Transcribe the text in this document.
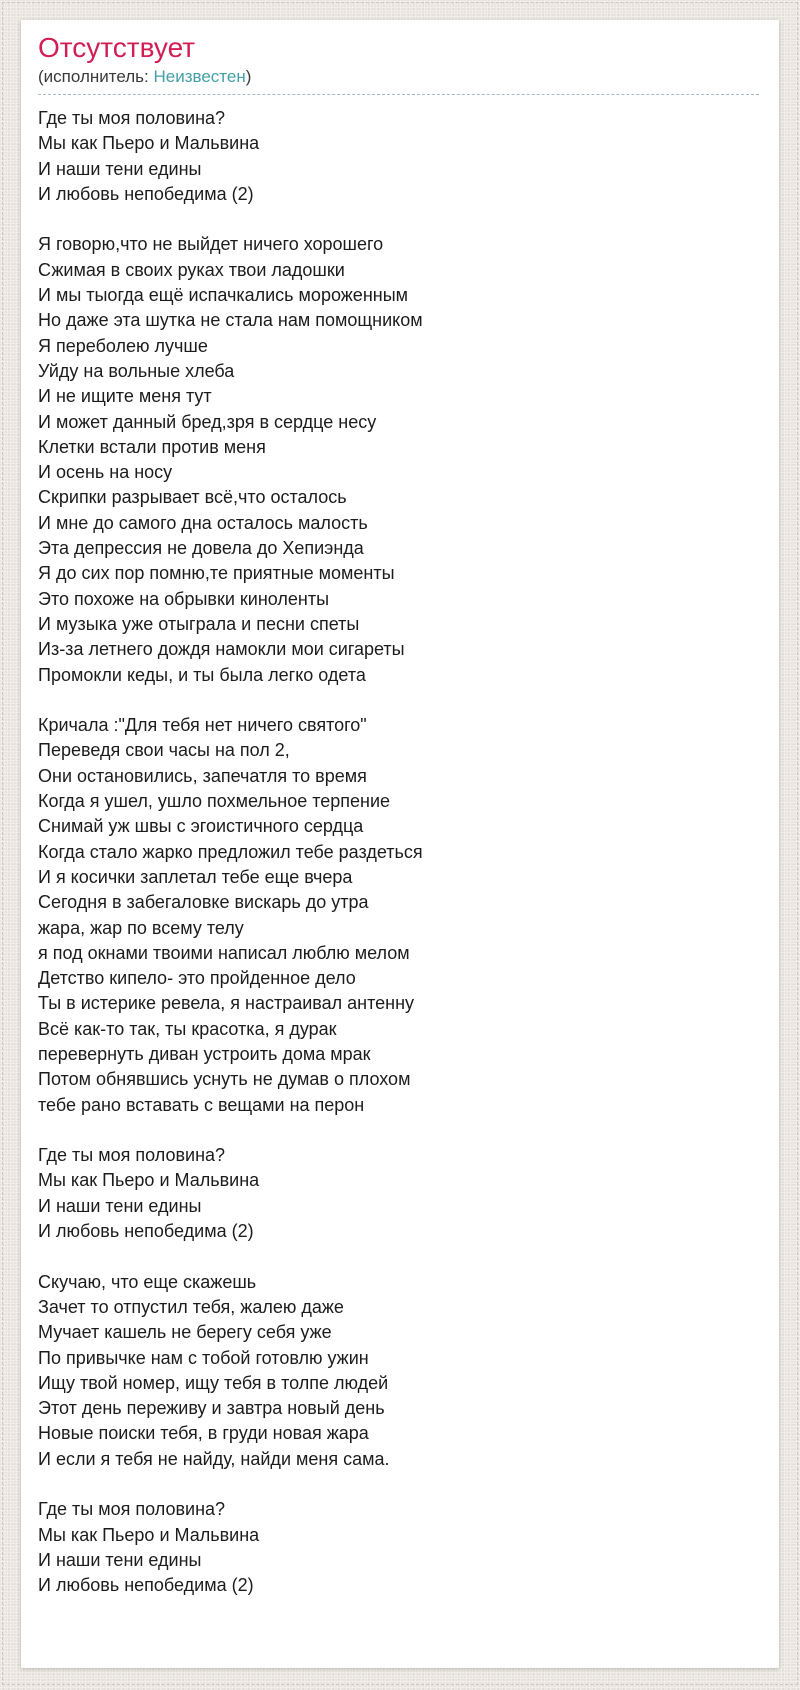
Отсутствует
(исполнитель: Неизвестен)
Где ты моя половина?
Мы как Пьеро и Мальвина
И наши тени едины
И любовь непобедима (2)

Я говорю,что не выйдет ничего хорошего
Сжимая в своих руках твои ладошки
И мы тыогда ещё испачкались мороженным
Но даже эта шутка не стала нам помощником
Я переболею лучше
Уйду на вольные хлеба
И не ищите меня тут
И может данный бред,зря в сердце несу
Клетки встали против меня
И осень на носу
Скрипки разрывает всё,что осталось
И мне до самого дна осталось малость
Эта депрессия не довела до Хепиэнда
Я до сих пор помню,те приятные моменты
Это похоже на обрывки киноленты
И музыка уже отыграла и песни спеты
Из-за летнего дождя намокли мои сигареты
Промокли кеды, и ты была легко одета

Кричала :"Для тебя нет ничего святого"
Переведя свои часы на пол 2,
Они остановились, запечатля то время
Когда я ушел, ушло похмельное терпение
Снимай уж швы с эгоистичного сердца
Когда стало жарко предложил тебе раздеться
И я косички заплетал тебе еще вчера
Сегодня в забегаловке вискарь до утра
жара, жар по всему телу
я под окнами твоими написал люблю мелом
Детство кипело- это пройденное дело
Ты в истерике ревела, я настраивал антенну
Всё как-то так, ты красотка, я дурак
перевернуть диван устроить дома мрак
Потом обнявшись уснуть не думав о плохом
тебе рано вставать с вещами на перон

Где ты моя половина?
Мы как Пьеро и Мальвина
И наши тени едины
И любовь непобедима (2)

Скучаю, что еще скажешь
Зачет то отпустил тебя, жалею даже
Мучает кашель не берегу себя уже
По привычке нам с тобой готовлю ужин
Ищу твой номер, ищу тебя в толпе людей
Этот день переживу и завтра новый день
Новые поиски тебя, в груди новая жара
И если я тебя не найду, найди меня сама.

Где ты моя половина?
Мы как Пьеро и Мальвина
И наши тени едины
И любовь непобедима (2)
